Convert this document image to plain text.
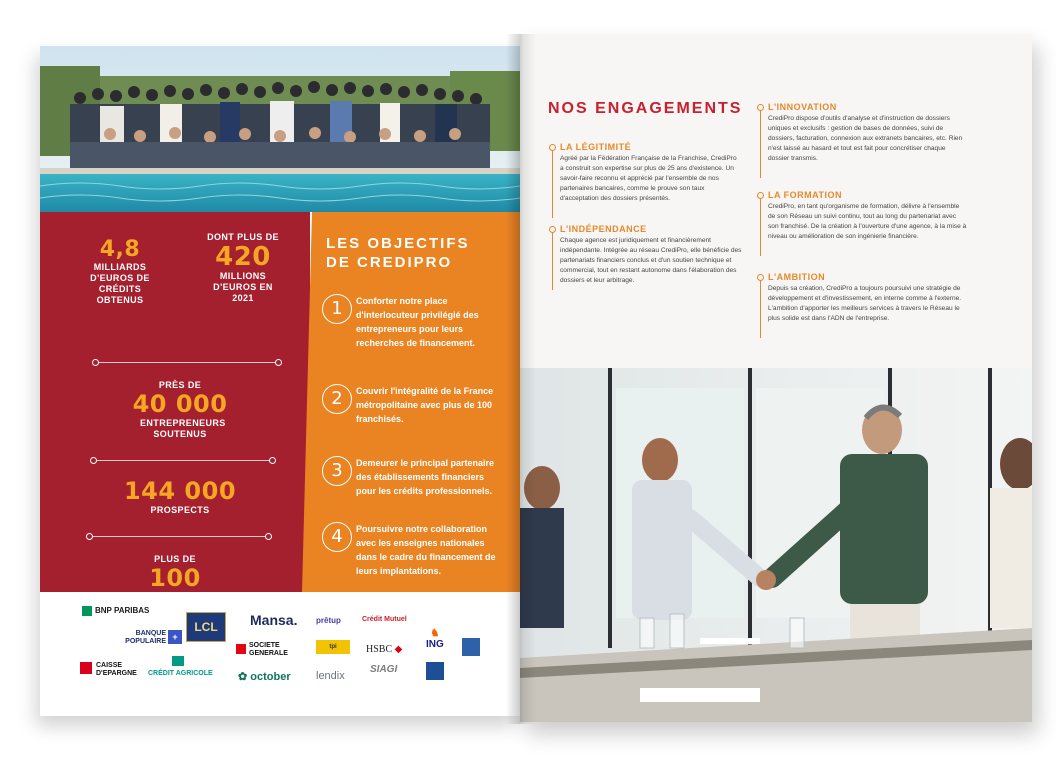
4,8
MILLIARDS D'EUROS DE CRÉDITS OBTENUS
DONT PLUS DE
420
MILLIONS D'EUROS EN 2021
PRÈS DE
40 000
ENTREPRENEURS SOUTENUS
144 000
PROSPECTS
PLUS DE
100
LES OBJECTIFS
DE CREDIPRO
1	Conforter notre place d'interlocuteur privilégié des entrepreneurs pour leurs recherches de financement.
2	Couvrir l'intégralité de la France métropolitaine avec plus de 100 franchisés.
3	Demeurer le principal partenaire des établissements financiers pour les crédits professionnels.
4	Poursuivre notre collaboration avec les enseignes nationales dans le cadre du financement de leurs implantations.
BNP PARIBAS
BANQUE POPULAIRE +
LCL	Mansa. prêtup	Crédit Mutuel
SOCIETE GENERALE
tpi	HSBC ◆
♞
ING
CAISSE D'EPARGNE	CRÉDIT AGRICOLE ✿ october lendix
SIAGI
NOS ENGAGEMENTS
LA LÉGITIMITÉ
Agréé par la Fédération Française de la Franchise, CrediPro a construit son expertise sur plus de 25 ans d'existence. Un savoir-faire reconnu et apprécié par l'ensemble de nos partenaires bancaires, comme le prouve son taux d'acceptation des dossiers présentés.
L'INDÉPENDANCE
Chaque agence est juridiquement et financièrement indépendante. Intégrée au réseau CrediPro, elle bénéficie des partenariats financiers conclus et d'un soutien technique et commercial, tout en restant autonome dans l'élaboration des dossiers et leur arbitrage.
L'INNOVATION
CrediPro dispose d'outils d'analyse et d'instruction de dossiers uniques et exclusifs : gestion de bases de données, suivi de dossiers, facturation, connexion aux extranets bancaires, etc. Rien n'est laissé au hasard et tout est fait pour concrétiser chaque dossier transmis.
LA FORMATION
CrediPro, en tant qu'organisme de formation, délivre à l'ensemble de son Réseau un suivi continu, tout au long du partenariat avec son franchisé. De la création à l'ouverture d'une agence, à la mise à niveau ou amélioration de son ingénierie financière.
L'AMBITION
Depuis sa création, CrediPro a toujours poursuivi une stratégie de développement et d'investissement, en interne comme à l'externe. L'ambition d'apporter les meilleurs services à travers le Réseau le plus solide est dans l'ADN de l'entreprise.
